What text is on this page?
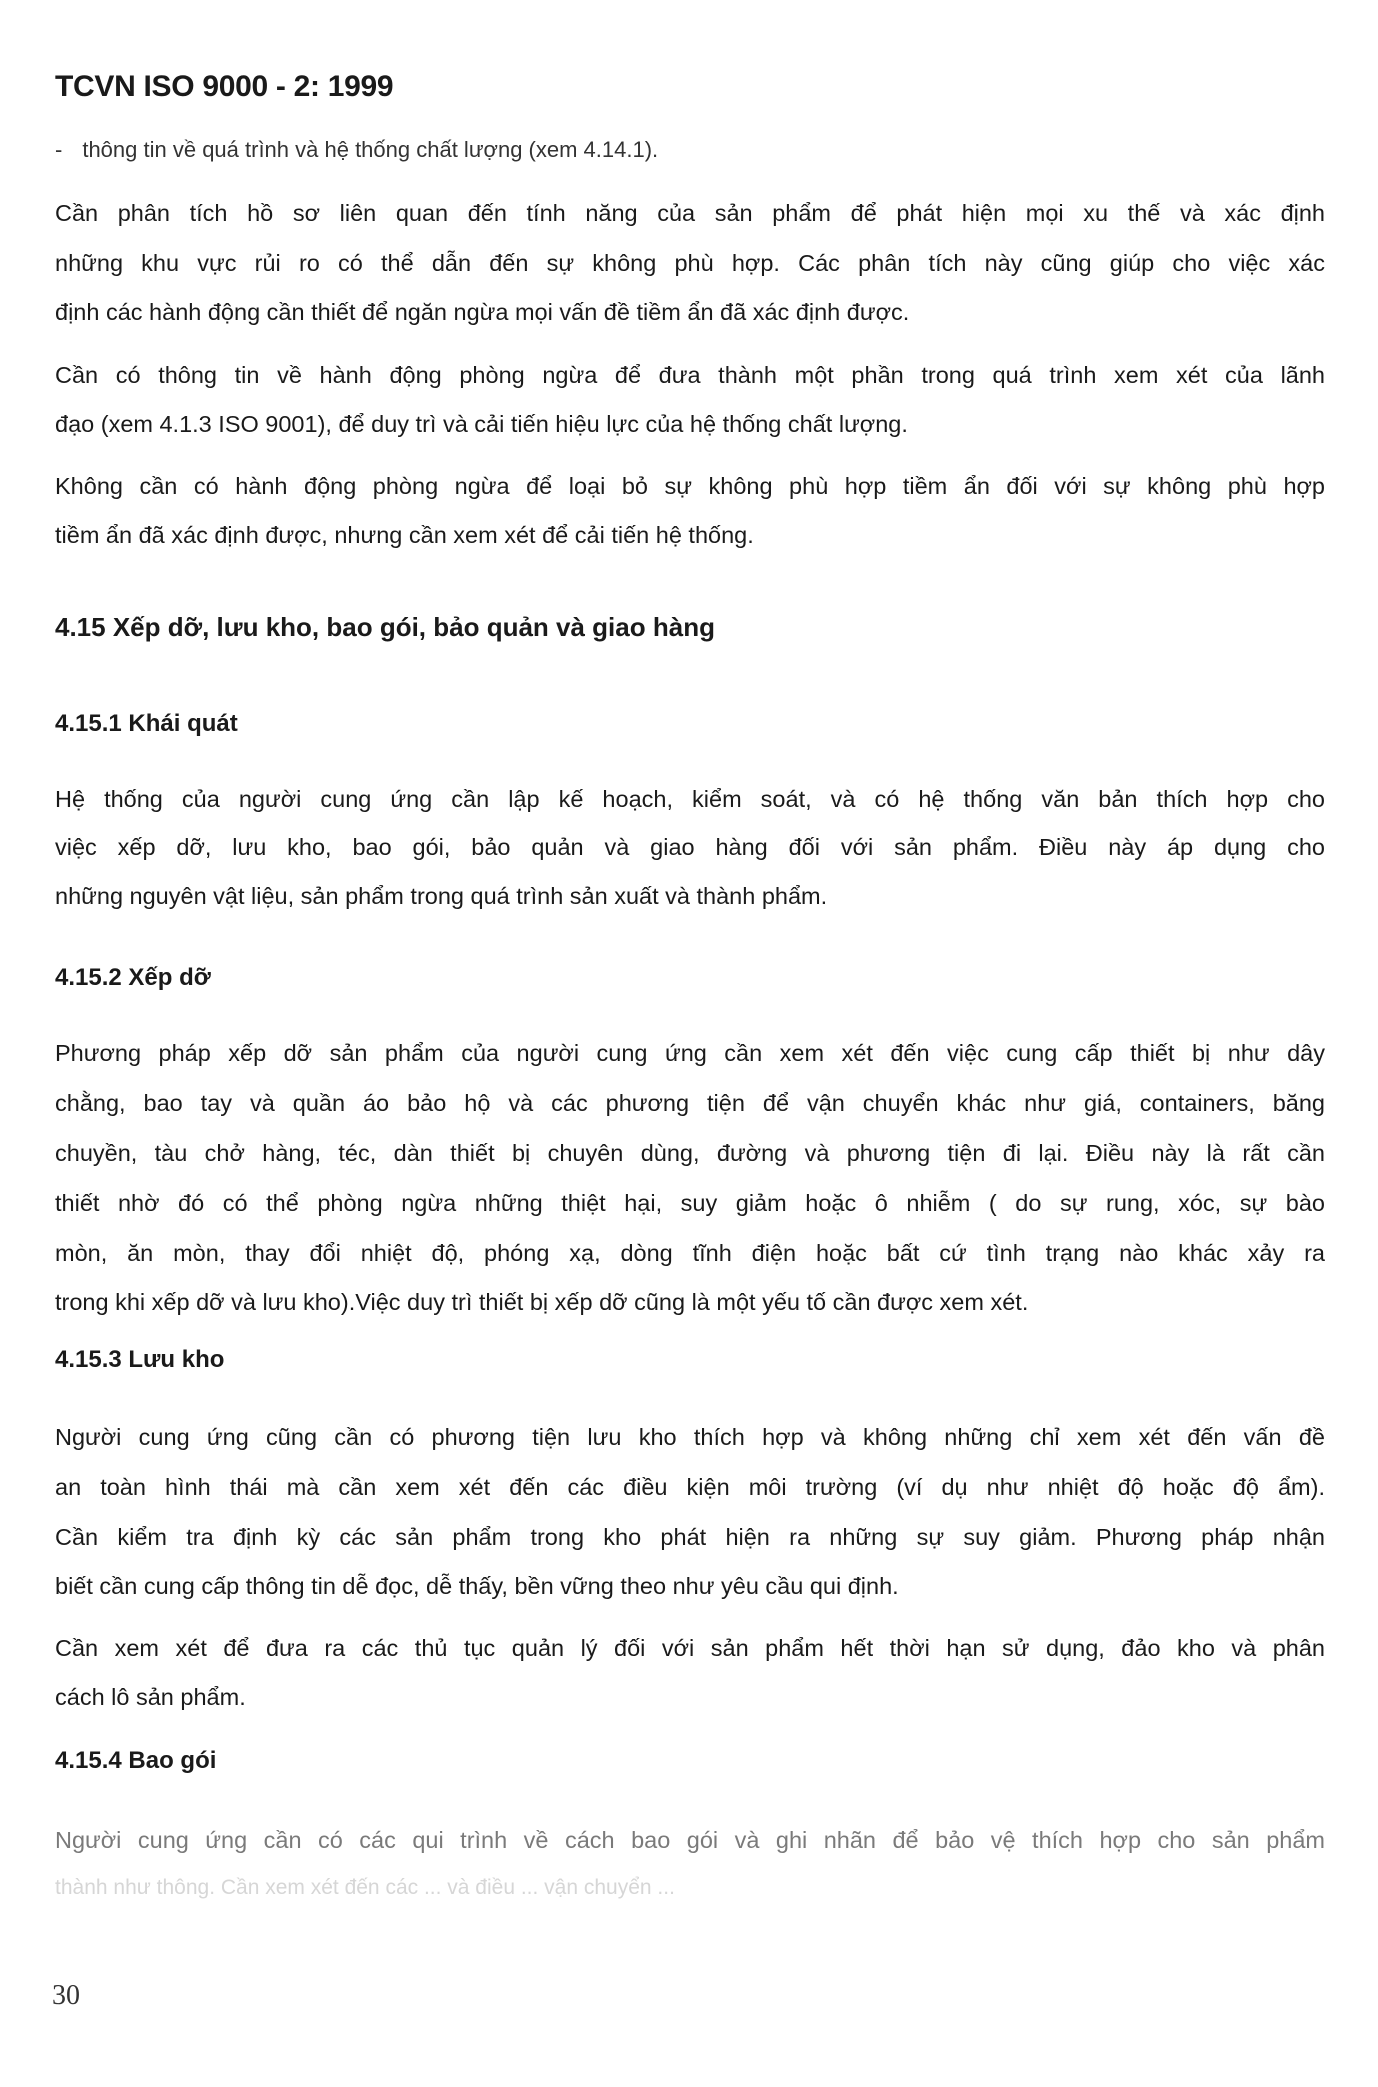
TCVN ISO 9000 - 2: 1999
- thông tin về quá trình và hệ thống chất lượng (xem 4.14.1).
Cần phân tích hồ sơ liên quan đến tính năng của sản phẩm để phát hiện mọi xu thế và xác định
những khu vực rủi ro có thể dẫn đến sự không phù hợp. Các phân tích này cũng giúp cho việc xác
định các hành động cần thiết để ngăn ngừa mọi vấn đề tiềm ẩn đã xác định được.
Cần có thông tin về hành động phòng ngừa để đưa thành một phần trong quá trình xem xét của lãnh
đạo (xem 4.1.3 ISO 9001), để duy trì và cải tiến hiệu lực của hệ thống chất lượng.
Không cần có hành động phòng ngừa để loại bỏ sự không phù hợp tiềm ẩn đối với sự không phù hợp
tiềm ẩn đã xác định được, nhưng cần xem xét để cải tiến hệ thống.
4.15 Xếp dỡ, lưu kho, bao gói, bảo quản và giao hàng
4.15.1 Khái quát
Hệ thống của người cung ứng cần lập kế hoạch, kiểm soát, và có hệ thống văn bản thích hợp cho
việc xếp dỡ, lưu kho, bao gói, bảo quản và giao hàng đối với sản phẩm. Điều này áp dụng cho
những nguyên vật liệu, sản phẩm trong quá trình sản xuất và thành phẩm.
4.15.2 Xếp dỡ
Phương pháp xếp dỡ sản phẩm của người cung ứng cần xem xét đến việc cung cấp thiết bị như dây
chằng, bao tay và quần áo bảo hộ và các phương tiện để vận chuyển khác như giá, containers, băng
chuyền, tàu chở hàng, téc, dàn thiết bị chuyên dùng, đường và phương tiện đi lại. Điều này là rất cần
thiết nhờ đó có thể phòng ngừa những thiệt hại, suy giảm hoặc ô nhiễm ( do sự rung, xóc, sự bào
mòn, ăn mòn, thay đổi nhiệt độ, phóng xạ, dòng tĩnh điện hoặc bất cứ tình trạng nào khác xảy ra
trong khi xếp dỡ và lưu kho).Việc duy trì thiết bị xếp dỡ cũng là một yếu tố cần được xem xét.
4.15.3 Lưu kho
Người cung ứng cũng cần có phương tiện lưu kho thích hợp và không những chỉ xem xét đến vấn đề
an toàn hình thái mà cần xem xét đến các điều kiện môi trường (ví dụ như nhiệt độ hoặc độ ẩm).
Cần kiểm tra định kỳ các sản phẩm trong kho phát hiện ra những sự suy giảm. Phương pháp nhận
biết cần cung cấp thông tin dễ đọc, dễ thấy, bền vững theo như yêu cầu qui định.
Cần xem xét để đưa ra các thủ tục quản lý đối với sản phẩm hết thời hạn sử dụng, đảo kho và phân
cách lô sản phẩm.
4.15.4 Bao gói
Người cung ứng cần có các qui trình về cách bao gói và ghi nhãn để bảo vệ thích hợp cho sản phẩm
thành như thông. Cần xem xét đến các ... và điều ... vận chuyển ...
30
